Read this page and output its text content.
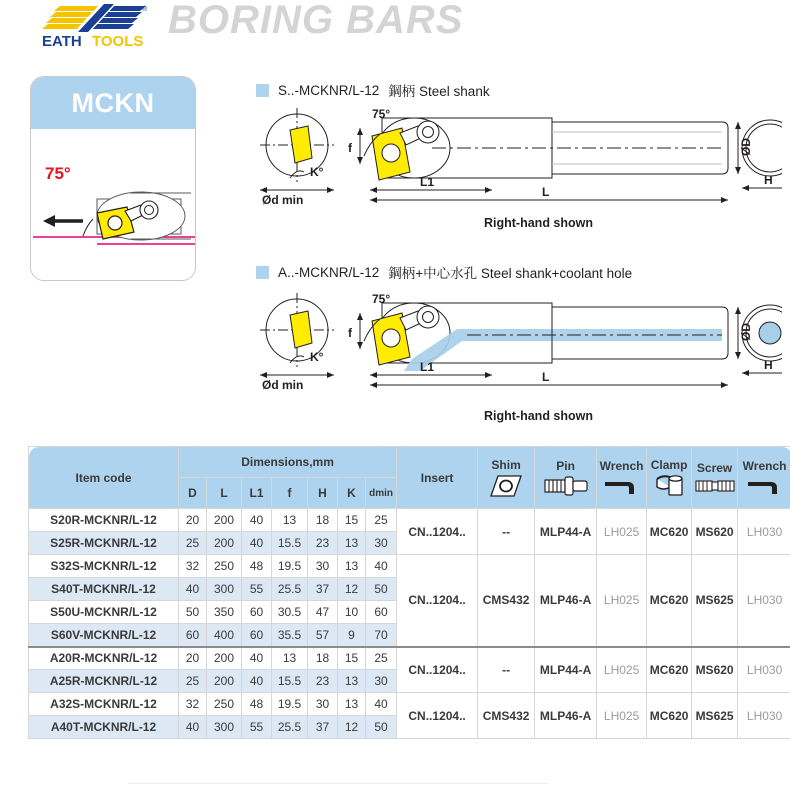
®
EATH TOOLS BORING BARS
MCKN
75°
S..-MCKNR/L-12 鋼柄 Steel shank
75°
f
K°
Ød min
L1
L
ØD
H
Right-hand shown
A..-MCKNR/L-12 鋼柄+中心水孔 Steel shank+coolant hole
75°
f
K°
Ød min
L1
L
ØD
H
Right-hand shown
Item code	Dimensions,mm							Insert	Shim	Pin	Wrench	Clamp	Screw	Wrench

	D	L	L1	f	H	K	dmin							
S20R-MCKNR/L-12	20	200	40	13	18	15	25	CN..1204..	--	MLP44-A	LH025	MC620	MS620	LH030
S25R-MCKNR/L-12	25	200	40	15.5	23	13	30							
S32S-MCKNR/L-12	32	250	48	19.5	30	13	40	CN..1204..	CMS432	MLP46-A	LH025	MC620	MS625	LH030
S40T-MCKNR/L-12	40	300	55	25.5	37	12	50							
S50U-MCKNR/L-12	50	350	60	30.5	47	10	60							
S60V-MCKNR/L-12	60	400	60	35.5	57	9	70							
A20R-MCKNR/L-12	20	200	40	13	18	15	25	CN..1204..	--	MLP44-A	LH025	MC620	MS620	LH030
A25R-MCKNR/L-12	25	200	40	15.5	23	13	30							
A32S-MCKNR/L-12	32	250	48	19.5	30	13	40	CN..1204..	CMS432	MLP46-A	LH025	MC620	MS625	LH030
A40T-MCKNR/L-12	40	300	55	25.5	37	12	50							
